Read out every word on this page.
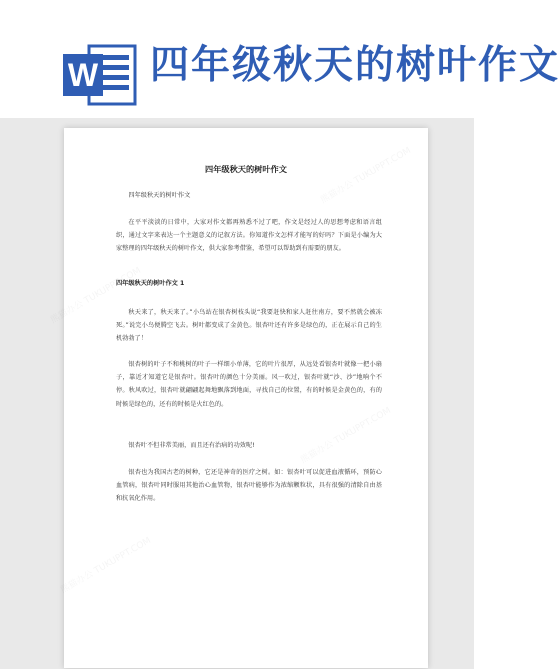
W 四年级秋天的树叶作文
四年级秋天的树叶作文
四年级秋天的树叶作文
在平平淡淡的日常中，大家对作文都再熟悉不过了吧，作文是经过人的思想考虑和语言组织，通过文字来表达一个主题意义的记叙方法。你知道作文怎样才能写的好吗？下面是小编为大家整理的四年级秋天的树叶作文，供大家参考借鉴，希望可以帮助到有需要的朋友。
四年级秋天的树叶作文 1
秋天来了，秋天来了。”小鸟站在银杏树枝头说“我要赶快和家人赶往南方，要不然就会被冻死。”说完小鸟便腾空飞去。树叶都变成了金黄色。银杏叶还有许多是绿色的，正在展示自己的生机勃勃了！
银杏树的叶子不和桃树的叶子一样细小单薄，它的叶片很厚，从远处看银杏叶就像一把小扇子，靠近才知道它是银杏叶。银杏叶的颜色十分美丽。风一吹过，银杏叶就“沙、沙”地响个不停。秋风吹过，银杏叶就翩翩起舞地飘落到地面，寻找自己的位置，有的时候是金黄色的，有的时候是绿色的，还有的时候是火红色的。
银杏叶不但非常美丽，而且还有治病的功效呢!
银杏也为我国古老的树种，它还是神奇的医疗之树。如：银杏叶可以促进血液循环，预防心血管病，银杏叶同时服用其他治心血管物，银杏叶能够作为浓缩颗粒状，具有很强的清除自由基和抗氧化作用。
